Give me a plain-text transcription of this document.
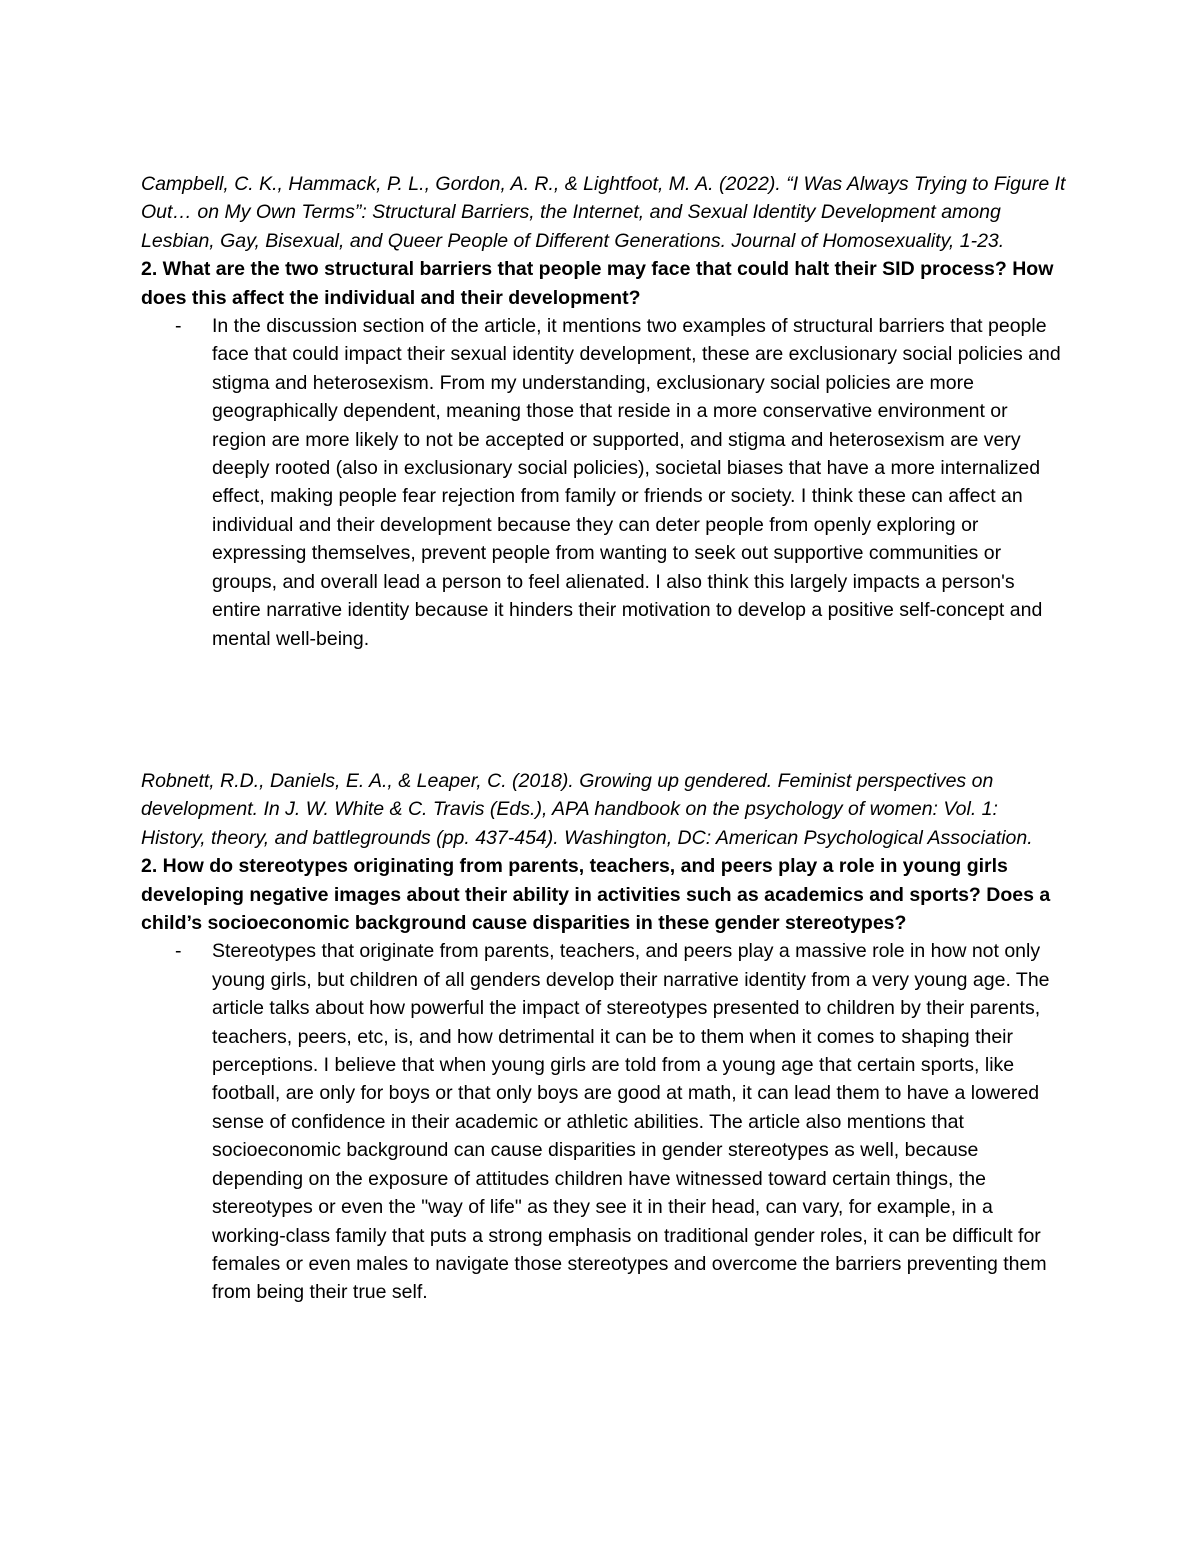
Campbell, C. K., Hammack, P. L., Gordon, A. R., & Lightfoot, M. A. (2022). “I Was Always Trying to Figure It Out… on My Own Terms”: Structural Barriers, the Internet, and Sexual Identity Development among Lesbian, Gay, Bisexual, and Queer People of Different Generations. Journal of Homosexuality, 1-23.

2. What are the two structural barriers that people may face that could halt their SID process? How does this affect the individual and their development?

- In the discussion section of the article, it mentions two examples of structural barriers that people face that could impact their sexual identity development, these are exclusionary social policies and stigma and heterosexism. From my understanding, exclusionary social policies are more geographically dependent, meaning those that reside in a more conservative environment or region are more likely to not be accepted or supported, and stigma and heterosexism are very deeply rooted (also in exclusionary social policies), societal biases that have a more internalized effect, making people fear rejection from family or friends or society. I think these can affect an individual and their development because they can deter people from openly exploring or expressing themselves, prevent people from wanting to seek out supportive communities or groups, and overall lead a person to feel alienated. I also think this largely impacts a person's entire narrative identity because it hinders their motivation to develop a positive self-concept and mental well-being.

Robnett, R.D., Daniels, E. A., & Leaper, C. (2018). Growing up gendered. Feminist perspectives on development. In J. W. White & C. Travis (Eds.), APA handbook on the psychology of women: Vol. 1: History, theory, and battlegrounds (pp. 437-454). Washington, DC: American Psychological Association.

2. How do stereotypes originating from parents, teachers, and peers play a role in young girls developing negative images about their ability in activities such as academics and sports? Does a child’s socioeconomic background cause disparities in these gender stereotypes?

- Stereotypes that originate from parents, teachers, and peers play a massive role in how not only young girls, but children of all genders develop their narrative identity from a very young age. The article talks about how powerful the impact of stereotypes presented to children by their parents, teachers, peers, etc, is, and how detrimental it can be to them when it comes to shaping their perceptions. I believe that when young girls are told from a young age that certain sports, like football, are only for boys or that only boys are good at math, it can lead them to have a lowered sense of confidence in their academic or athletic abilities. The article also mentions that socioeconomic background can cause disparities in gender stereotypes as well, because depending on the exposure of attitudes children have witnessed toward certain things, the stereotypes or even the "way of life" as they see it in their head, can vary, for example, in a working-class family that puts a strong emphasis on traditional gender roles, it can be difficult for females or even males to navigate those stereotypes and overcome the barriers preventing them from being their true self.
